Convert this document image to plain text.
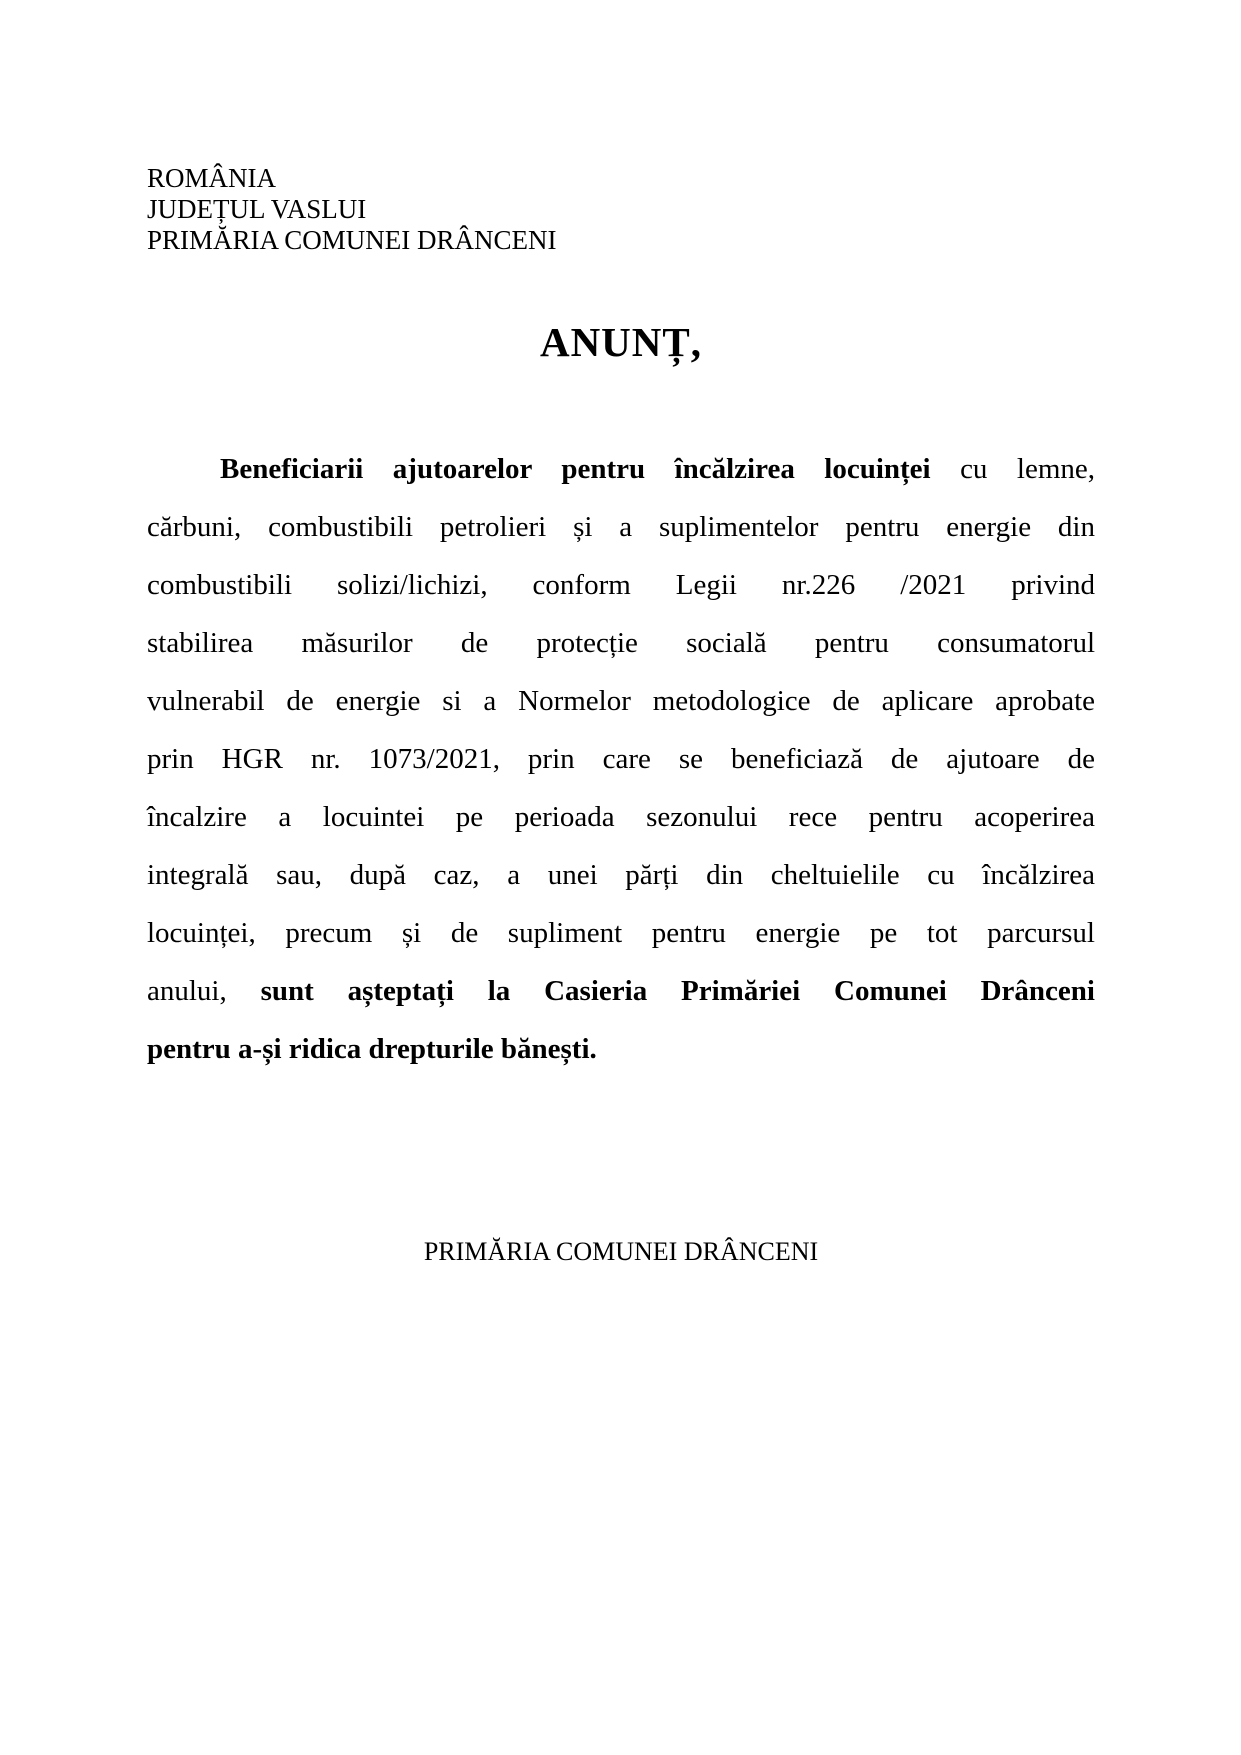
ROMÂNIA
JUDEȚUL VASLUI
PRIMĂRIA COMUNEI DRÂNCENI
ANUNȚ,
Beneficiarii ajutoarelor pentru încălzirea locuinței cu lemne,
cărbuni, combustibili petrolieri și a suplimentelor pentru energie din
combustibili solizi/lichizi, conform Legii nr.226 /2021 privind
stabilirea măsurilor de protecție socială pentru consumatorul
vulnerabil de energie si a Normelor metodologice de aplicare aprobate
prin HGR nr. 1073/2021, prin care se beneficiază de ajutoare de
încalzire a locuintei pe perioada sezonului rece pentru acoperirea
integrală sau, după caz, a unei părți din cheltuielile cu încălzirea
locuinței, precum și de supliment pentru energie pe tot parcursul
anului, sunt așteptați la Casieria Primăriei Comunei Drânceni
pentru a-și ridica drepturile bănești.
PRIMĂRIA COMUNEI DRÂNCENI
